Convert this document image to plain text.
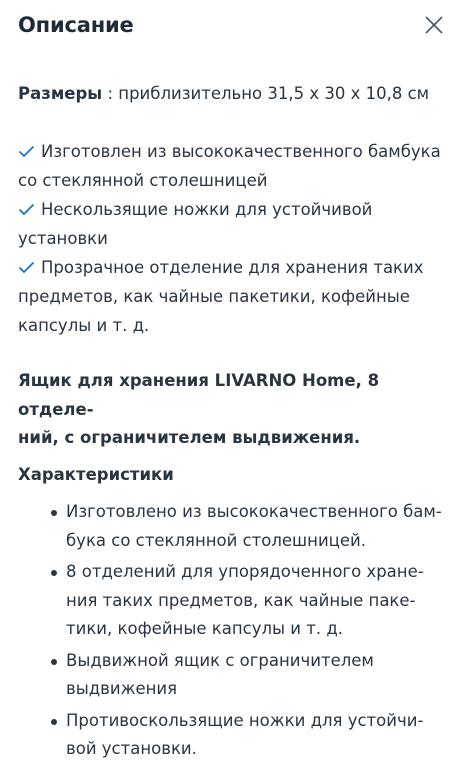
Описание

Размеры : приблизительно 31,5 x 30 x 10,8 см

Изготовлен из высококачественного бамбука
со стеклянной столешницей
Нескользящие ножки для устойчивой
установки
Прозрачное отделение для хранения таких
предметов, как чайные пакетики, кофейные
капсулы и т. д.

Ящик для хранения LIVARNO Home, 8 отделе-
ний, с ограничителем выдвижения.

Характеристики

Изготовлено из высококачественного бам-
бука со стеклянной столешницей.
8 отделений для упорядоченного хране-
ния таких предметов, как чайные паке-
тики, кофейные капсулы и т. д.
Выдвижной ящик с ограничителем
выдвижения
Противоскользящие ножки для устойчи-
вой установки.
